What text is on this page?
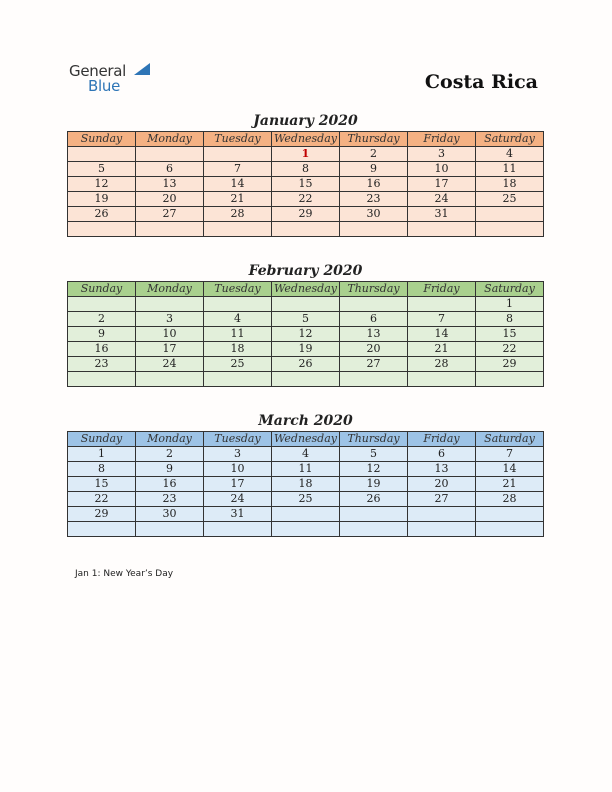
General
Blue	Costa Rica
January 2020
Sunday	Monday	Tuesday	Wednesday	Thursday	Friday	Saturday
			1	2	3	4
5	6	7	8	9	10	11
12	13	14	15	16	17	18
19	20	21	22	23	24	25
26	27	28	29	30	31	

February 2020
Sunday	Monday	Tuesday	Wednesday	Thursday	Friday	Saturday
						1
2	3	4	5	6	7	8
9	10	11	12	13	14	15
16	17	18	19	20	21	22
23	24	25	26	27	28	29

March 2020
Sunday	Monday	Tuesday	Wednesday	Thursday	Friday	Saturday
1	2	3	4	5	6	7
8	9	10	11	12	13	14
15	16	17	18	19	20	21
22	23	24	25	26	27	28
29	30	31				

Jan 1: New Year’s Day
